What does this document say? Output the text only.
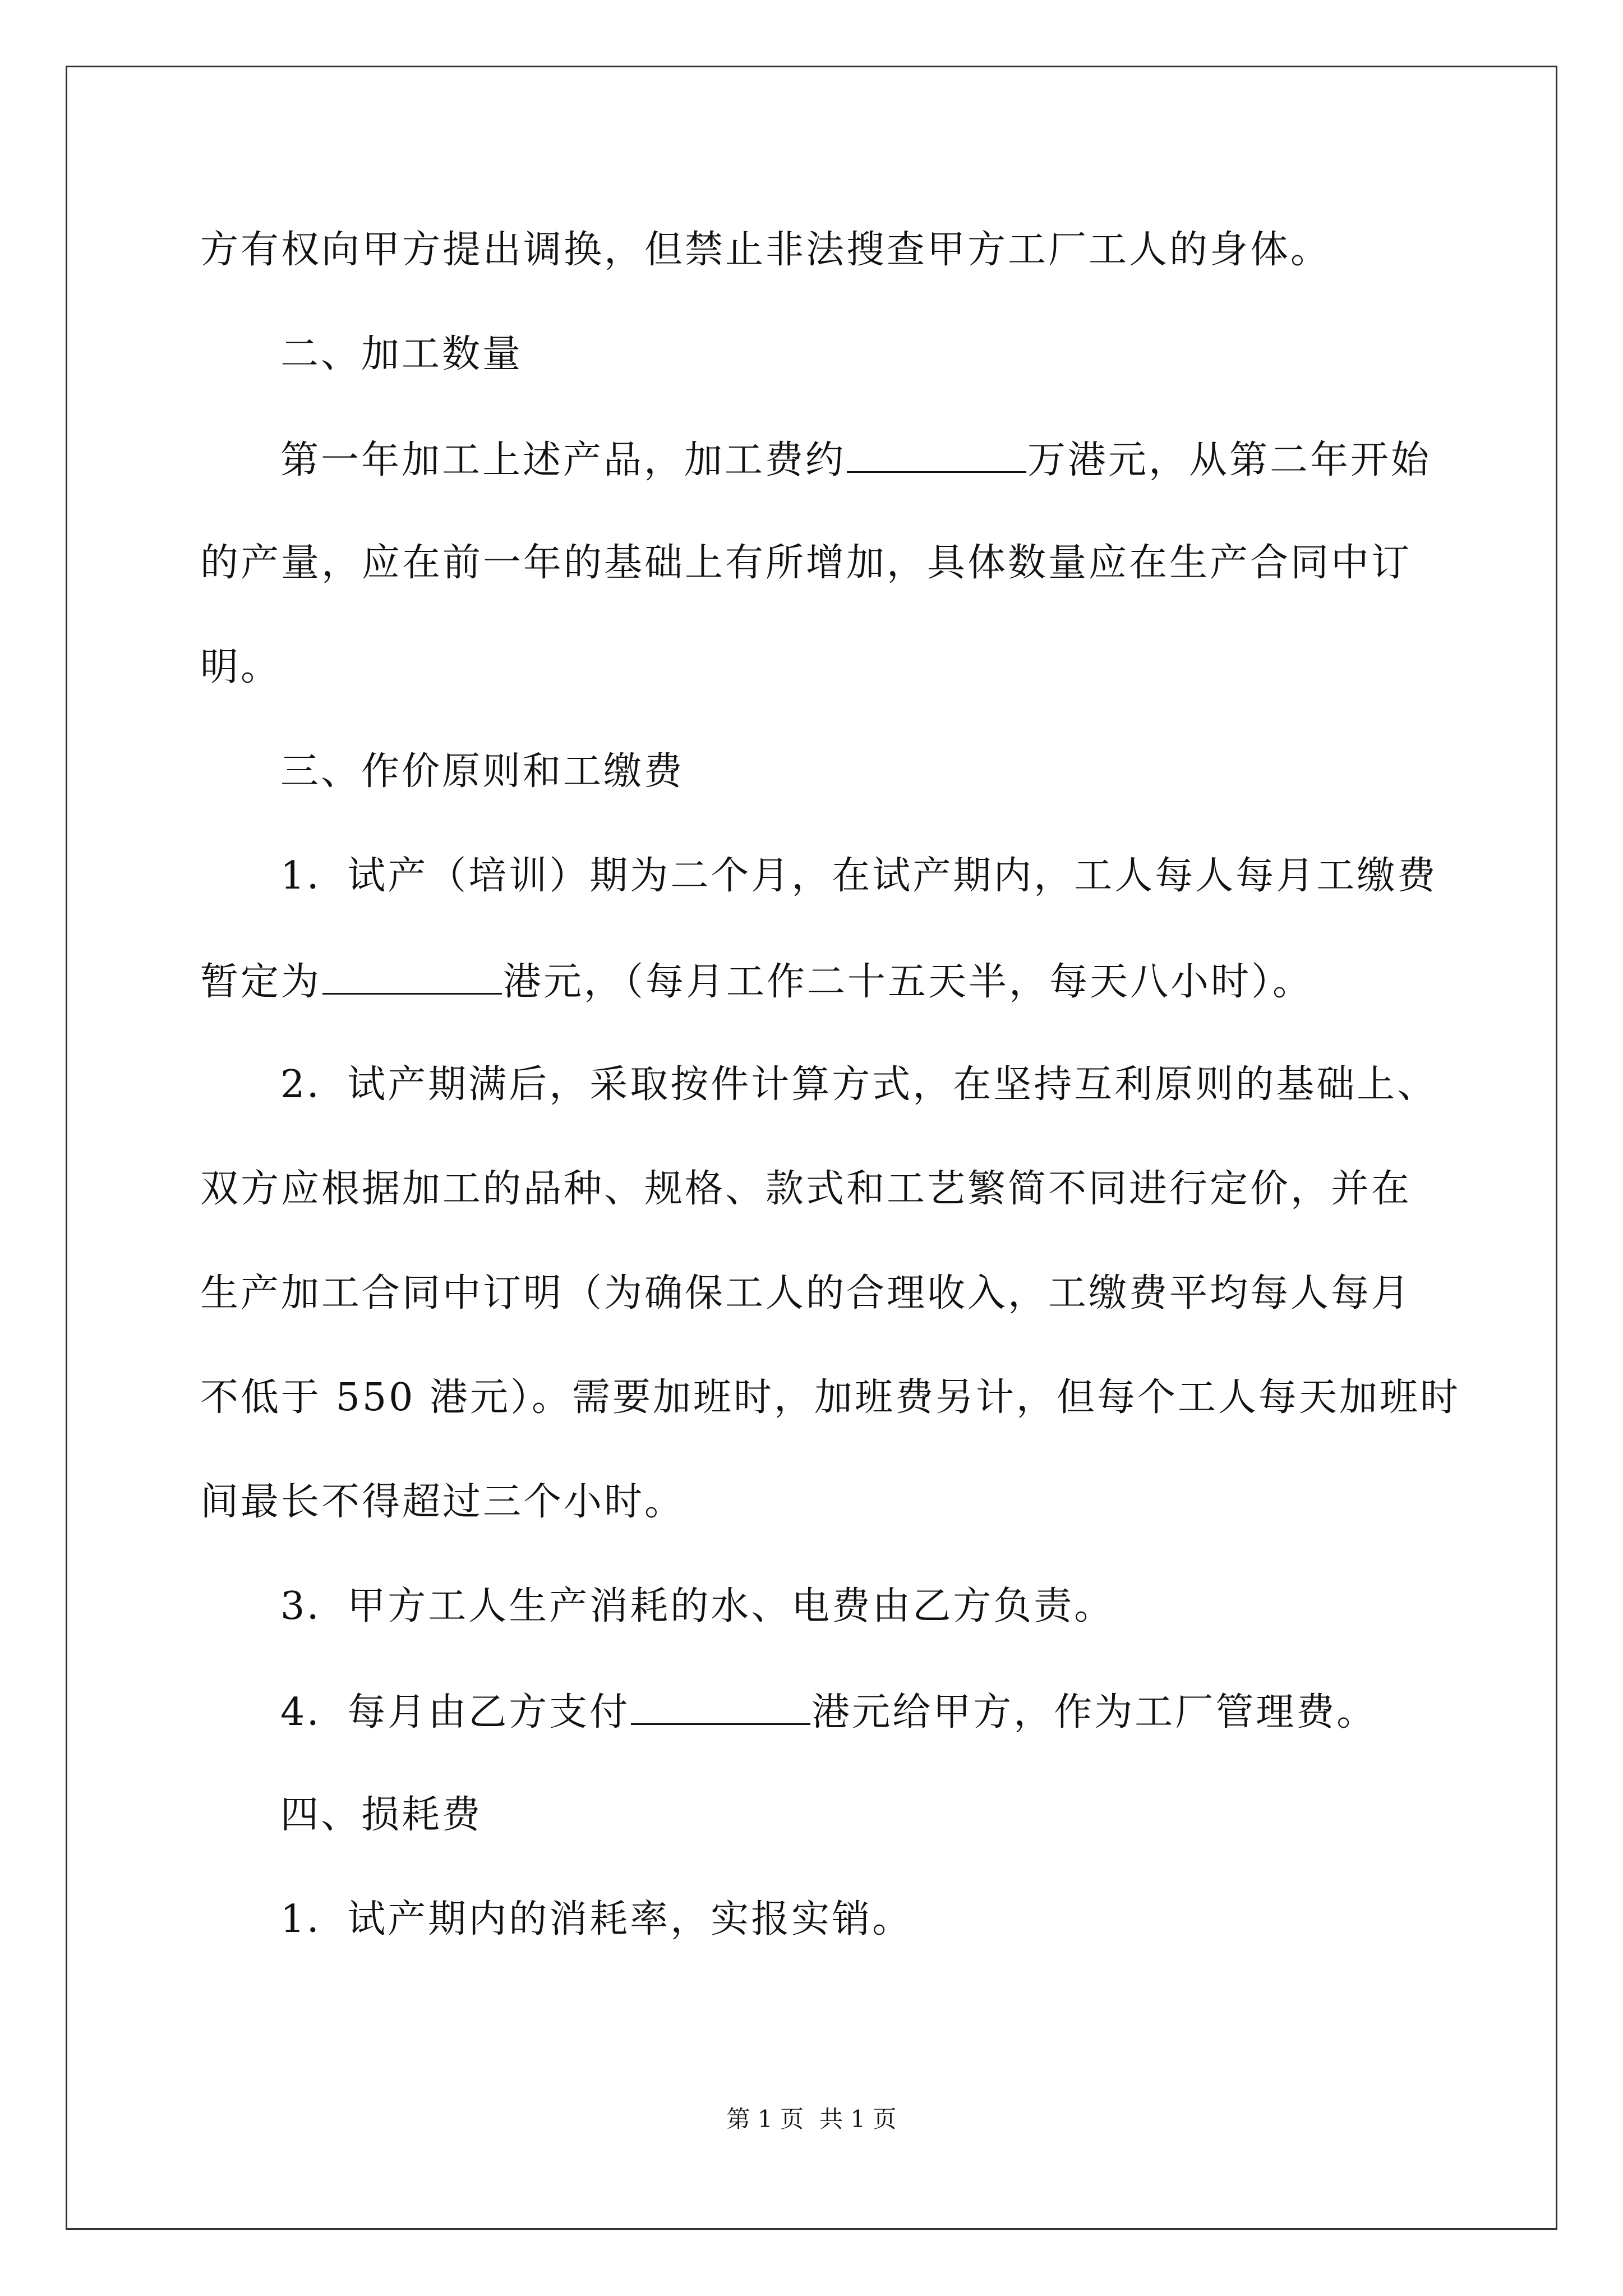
方有权向甲方提出调换，但禁止非法搜查甲方工厂工人的身体。
二、加工数量
第一年加工上述产品，加工费约	万港元，从第二年开始
的产量，应在前一年的基础上有所增加，具体数量应在生产合同中订
明。
三、作价原则和工缴费
1．试产（培训）期为二个月，在试产期内，工人每人每月工缴费
暂定为	港元，（每月工作二十五天半，每天八小时）。
2．试产期满后，采取按件计算方式，在坚持互利原则的基础上、
双方应根据加工的品种、规格、款式和工艺繁简不同进行定价，并在
生产加工合同中订明（为确保工人的合理收入，工缴费平均每人每月
不低于 550 港元）。需要加班时，加班费另计，但每个工人每天加班时
间最长不得超过三个小时。
3．甲方工人生产消耗的水、电费由乙方负责。
4．每月由乙方支付	港元给甲方，作为工厂管理费。
四、损耗费
1．试产期内的消耗率，实报实销。
第 1 页 共 1 页
